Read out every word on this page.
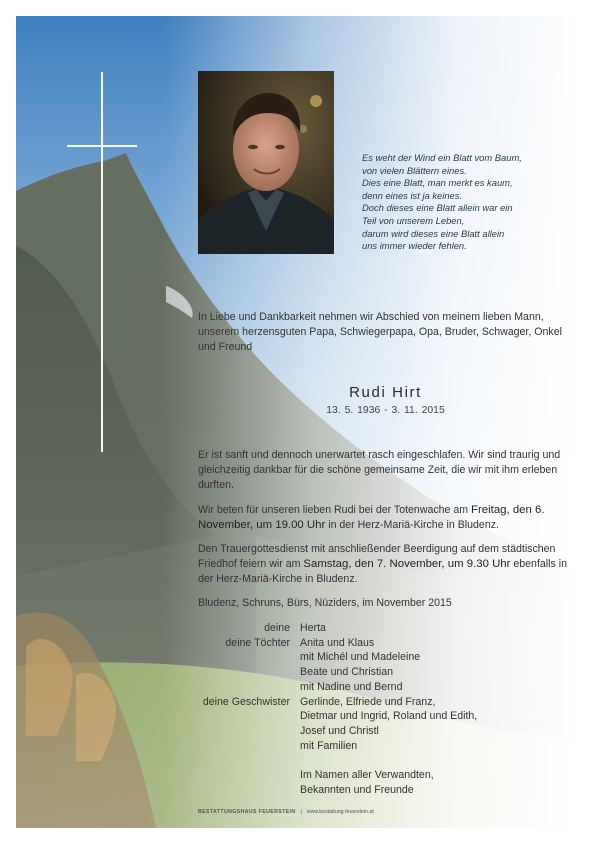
Es weht der Wind ein Blatt vom Baum,
von vielen Blättern eines.
Dies eine Blatt, man merkt es kaum,
denn eines ist ja keines.
Doch dieses eine Blatt allein war ein
Teil von unserem Leben,
darum wird dieses eine Blatt allein
uns immer wieder fehlen.
In Liebe und Dankbarkeit nehmen wir Abschied von meinem lieben Mann, unserem herzensguten Papa, Schwiegerpapa, Opa, Bruder, Schwager, Onkel und Freund
Rudi Hirt
13. 5. 1936 - 3. 11. 2015
Er ist sanft und dennoch unerwartet rasch eingeschlafen. Wir sind traurig und gleichzeitig dankbar für die schöne gemeinsame Zeit, die wir mit ihm erleben durften.
Wir beten für unseren lieben Rudi bei der Totenwache am Freitag, den 6. November, um 19.00 Uhr in der Herz-Mariä-Kirche in Bludenz.
Den Trauergottesdienst mit anschließender Beerdigung auf dem städtischen Friedhof feiern wir am Samstag, den 7. November, um 9.30 Uhr ebenfalls in der Herz-Mariä-Kirche in Bludenz.
Bludenz, Schruns, Bürs, Nüziders, im November 2015
deine Herta
deine Töchter Anita und Klaus
mit Michél und Madeleine
Beate und Christian
mit Nadine und Bernd
deine Geschwister Gerlinde, Elfriede und Franz,
Dietmar und Ingrid, Roland und Edith,
Josef und Christl
mit Familien
Im Namen aller Verwandten,
Bekannten und Freunde
BESTATTUNGSHAUS FEUERSTEIN | www.bestattung-feuerstein.at
